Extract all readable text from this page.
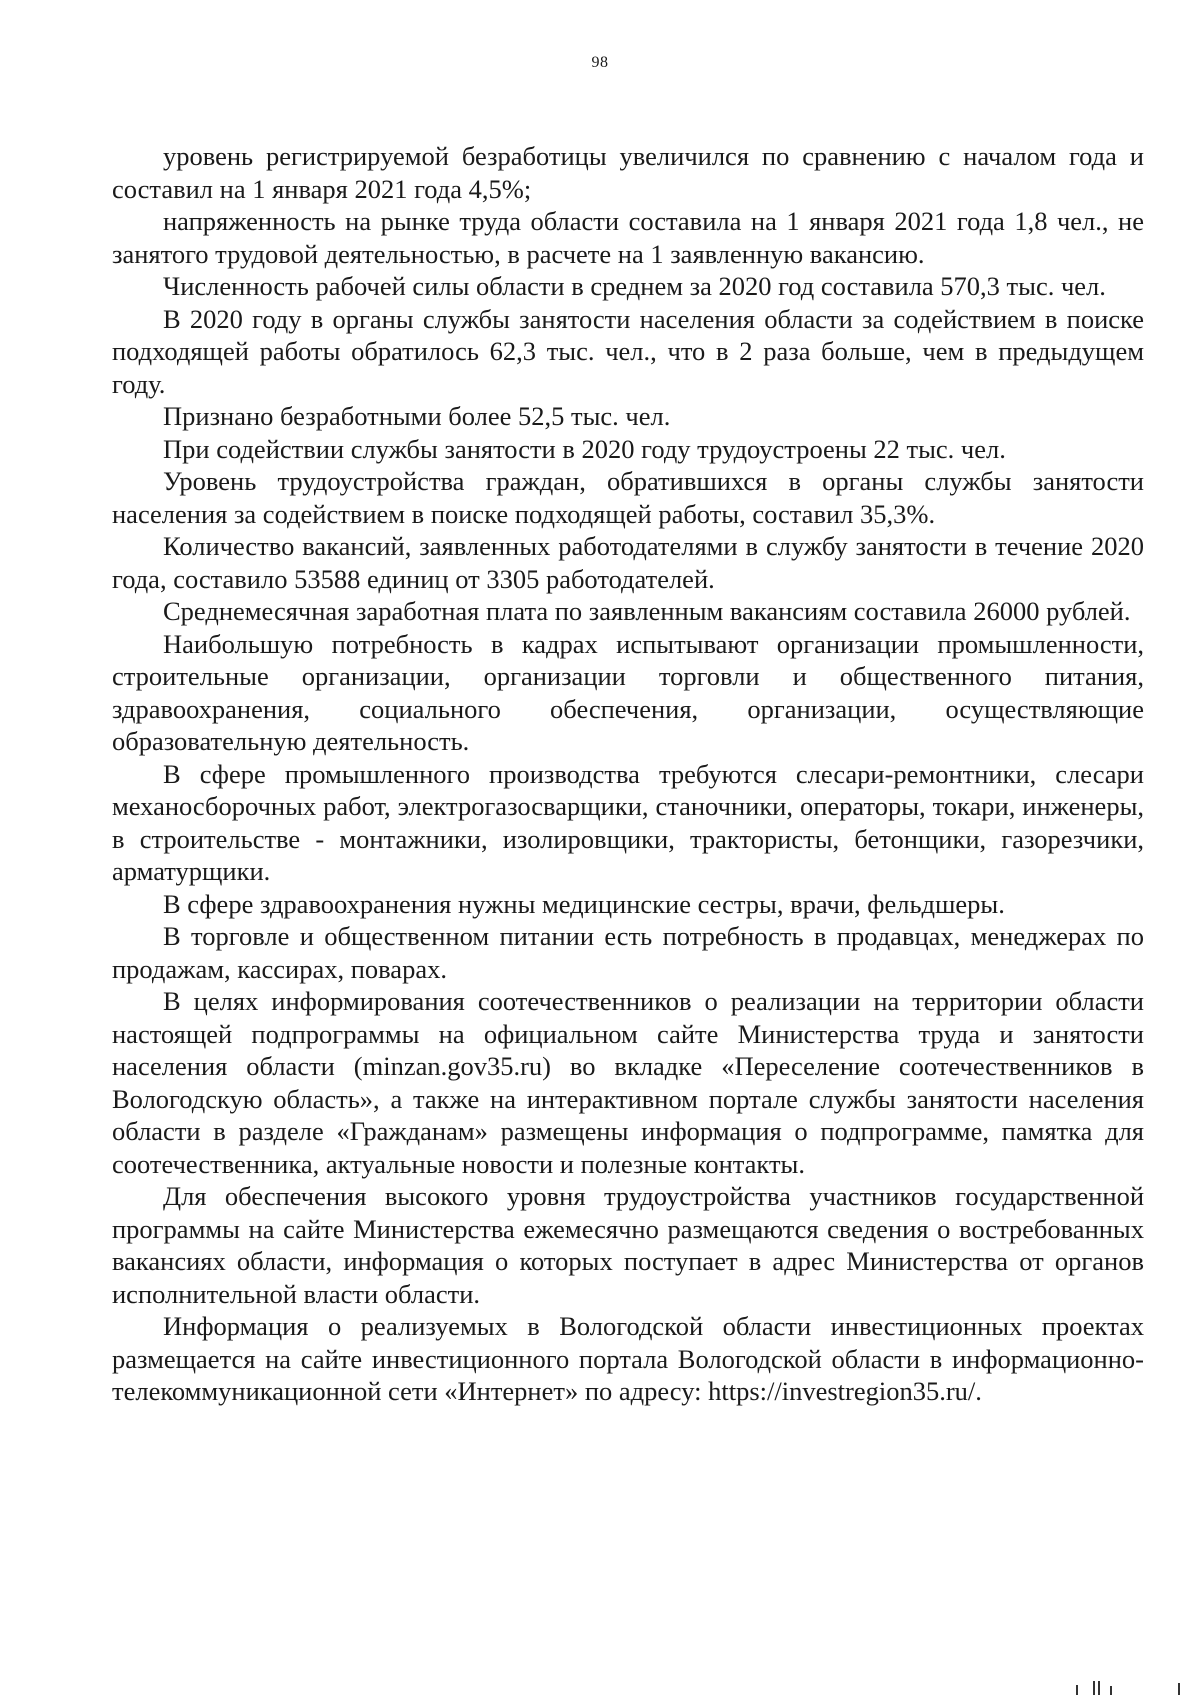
98

уровень регистрируемой безработицы увеличился по сравнению с началом года и составил на 1 января 2021 года 4,5%;

напряженность на рынке труда области составила на 1 января 2021 года 1,8 чел., не занятого трудовой деятельностью, в расчете на 1 заявленную вакансию.

Численность рабочей силы области в среднем за 2020 год составила 570,3 тыс. чел.

В 2020 году в органы службы занятости населения области за содействием в поиске подходящей работы обратилось 62,3 тыс. чел., что в 2 раза больше, чем в предыдущем году.

Признано безработными более 52,5 тыс. чел.

При содействии службы занятости в 2020 году трудоустроены 22 тыс. чел.

Уровень трудоустройства граждан, обратившихся в органы службы занятости населения за содействием в поиске подходящей работы, составил 35,3%.

Количество вакансий, заявленных работодателями в службу занятости в течение 2020 года, составило 53588 единиц от 3305 работодателей.

Среднемесячная заработная плата по заявленным вакансиям составила 26000 рублей.

Наибольшую потребность в кадрах испытывают организации промышленности, строительные организации, организации торговли и общественного питания, здравоохранения, социального обеспечения, организации, осуществляющие образовательную деятельность.

В сфере промышленного производства требуются слесари-ремонтники, слесари механосборочных работ, электрогазосварщики, станочники, операторы, токари, инженеры, в строительстве - монтажники, изолировщики, трактористы, бетонщики, газорезчики, арматурщики.

В сфере здравоохранения нужны медицинские сестры, врачи, фельдшеры.

В торговле и общественном питании есть потребность в продавцах, менеджерах по продажам, кассирах, поварах.

В целях информирования соотечественников о реализации на территории области настоящей подпрограммы на официальном сайте Министерства труда и занятости населения области (minzan.gov35.ru) во вкладке «Переселение соотечественников в Вологодскую область», а также на интерактивном портале службы занятости населения области в разделе «Гражданам» размещены информация о подпрограмме, памятка для соотечественника, актуальные новости и полезные контакты.

Для обеспечения высокого уровня трудоустройства участников государственной программы на сайте Министерства ежемесячно размещаются сведения о востребованных вакансиях области, информация о которых поступает в адрес Министерства от органов исполнительной власти области.

Информация о реализуемых в Вологодской области инвестиционных проектах размещается на сайте инвестиционного портала Вологодской области в информационно-телекоммуникационной сети «Интернет» по адресу: https://investregion35.ru/.
